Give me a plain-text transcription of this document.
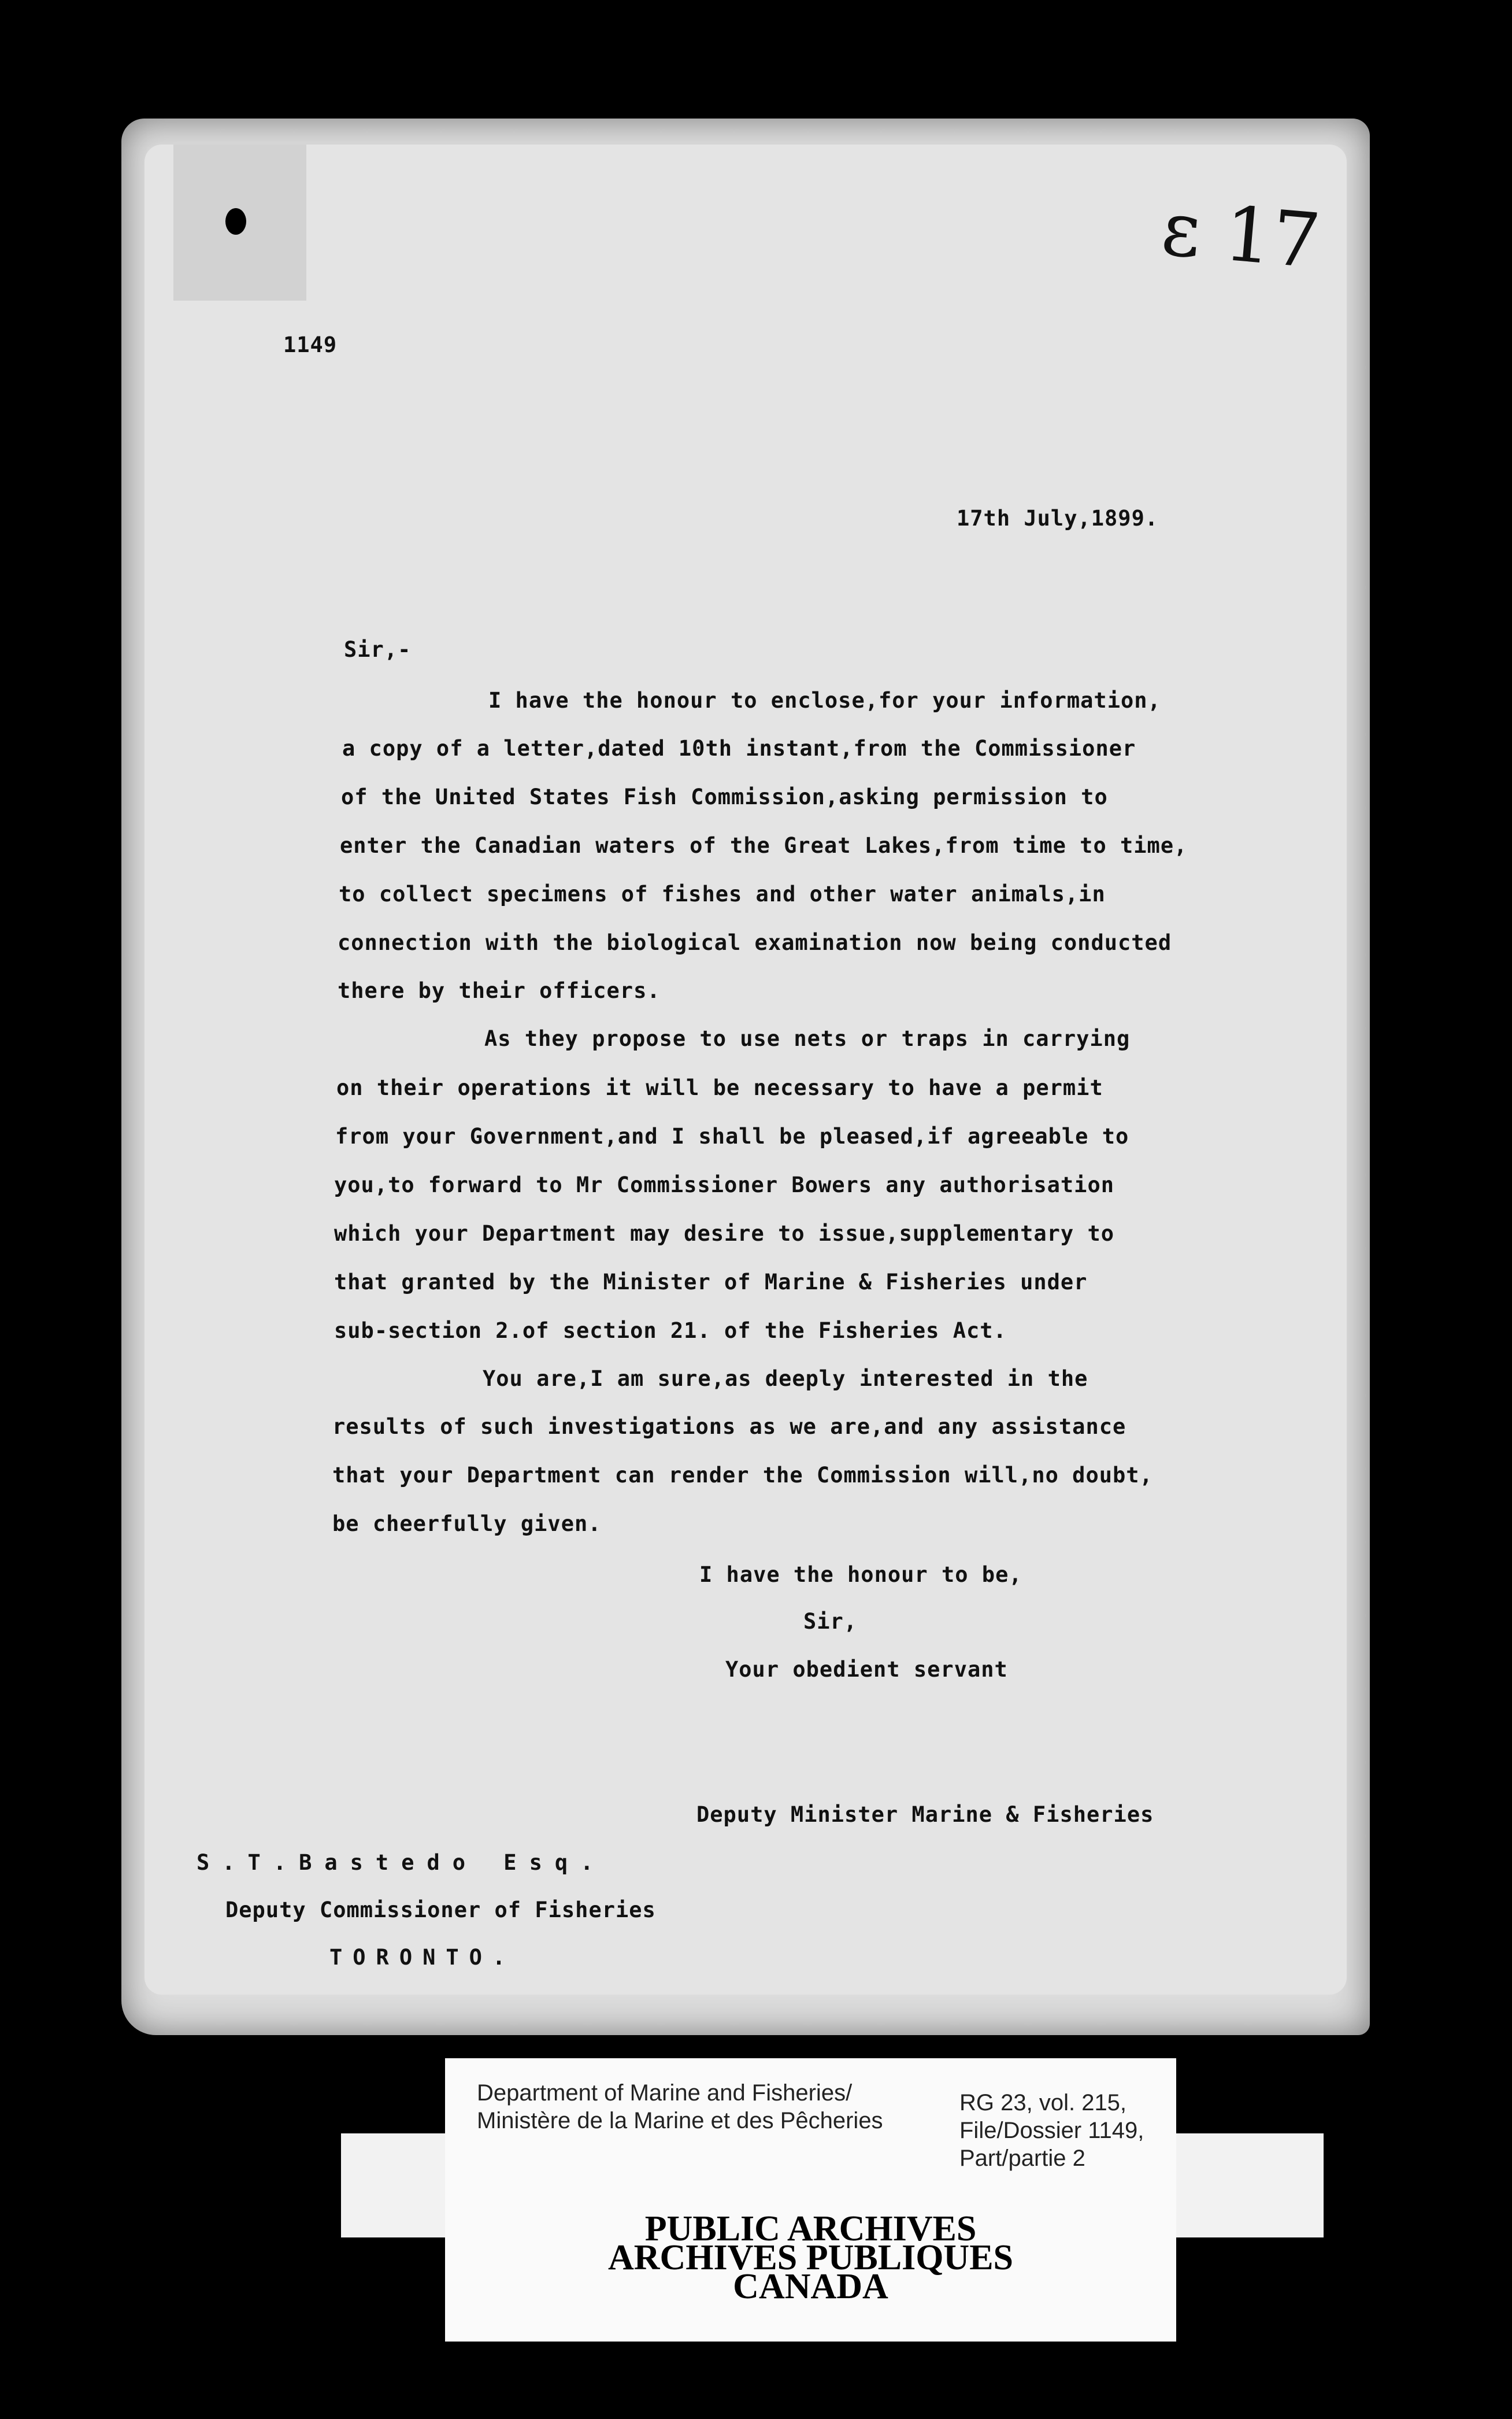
ɛ 17
1149
17th July,1899.
Sir,-
I have the honour to enclose,for your information,
a copy of a letter,dated 10th instant,from the Commissioner
of the United States Fish Commission,asking permission to
enter the Canadian waters of the Great Lakes,from time to time,
to collect specimens of fishes and other water animals,in
connection with the biological examination now being conducted
there by their officers.
As they propose to use nets or traps in carrying
on their operations it will be necessary to have a permit
from your Government,and I shall be pleased,if agreeable to
you,to forward to Mr Commissioner Bowers any authorisation
which your Department may desire to issue,supplementary to
that granted by the Minister of Marine & Fisheries under
sub-section 2.of section 21. of the Fisheries Act.
You are,I am sure,as deeply interested in the
results of such investigations as we are,and any assistance
that your Department can render the Commission will,no doubt,
be cheerfully given.
I have the honour to be,
Sir,
Your obedient servant
Deputy Minister Marine & Fisheries
S.T.Bastedo Esq.
Deputy Commissioner of Fisheries
TORONTO.
Department of Marine and Fisheries/
Ministère de la Marine et des Pêcheries
RG 23, vol. 215,
File/Dossier 1149,
Part/partie 2
PUBLIC ARCHIVES
ARCHIVES PUBLIQUES
CANADA
